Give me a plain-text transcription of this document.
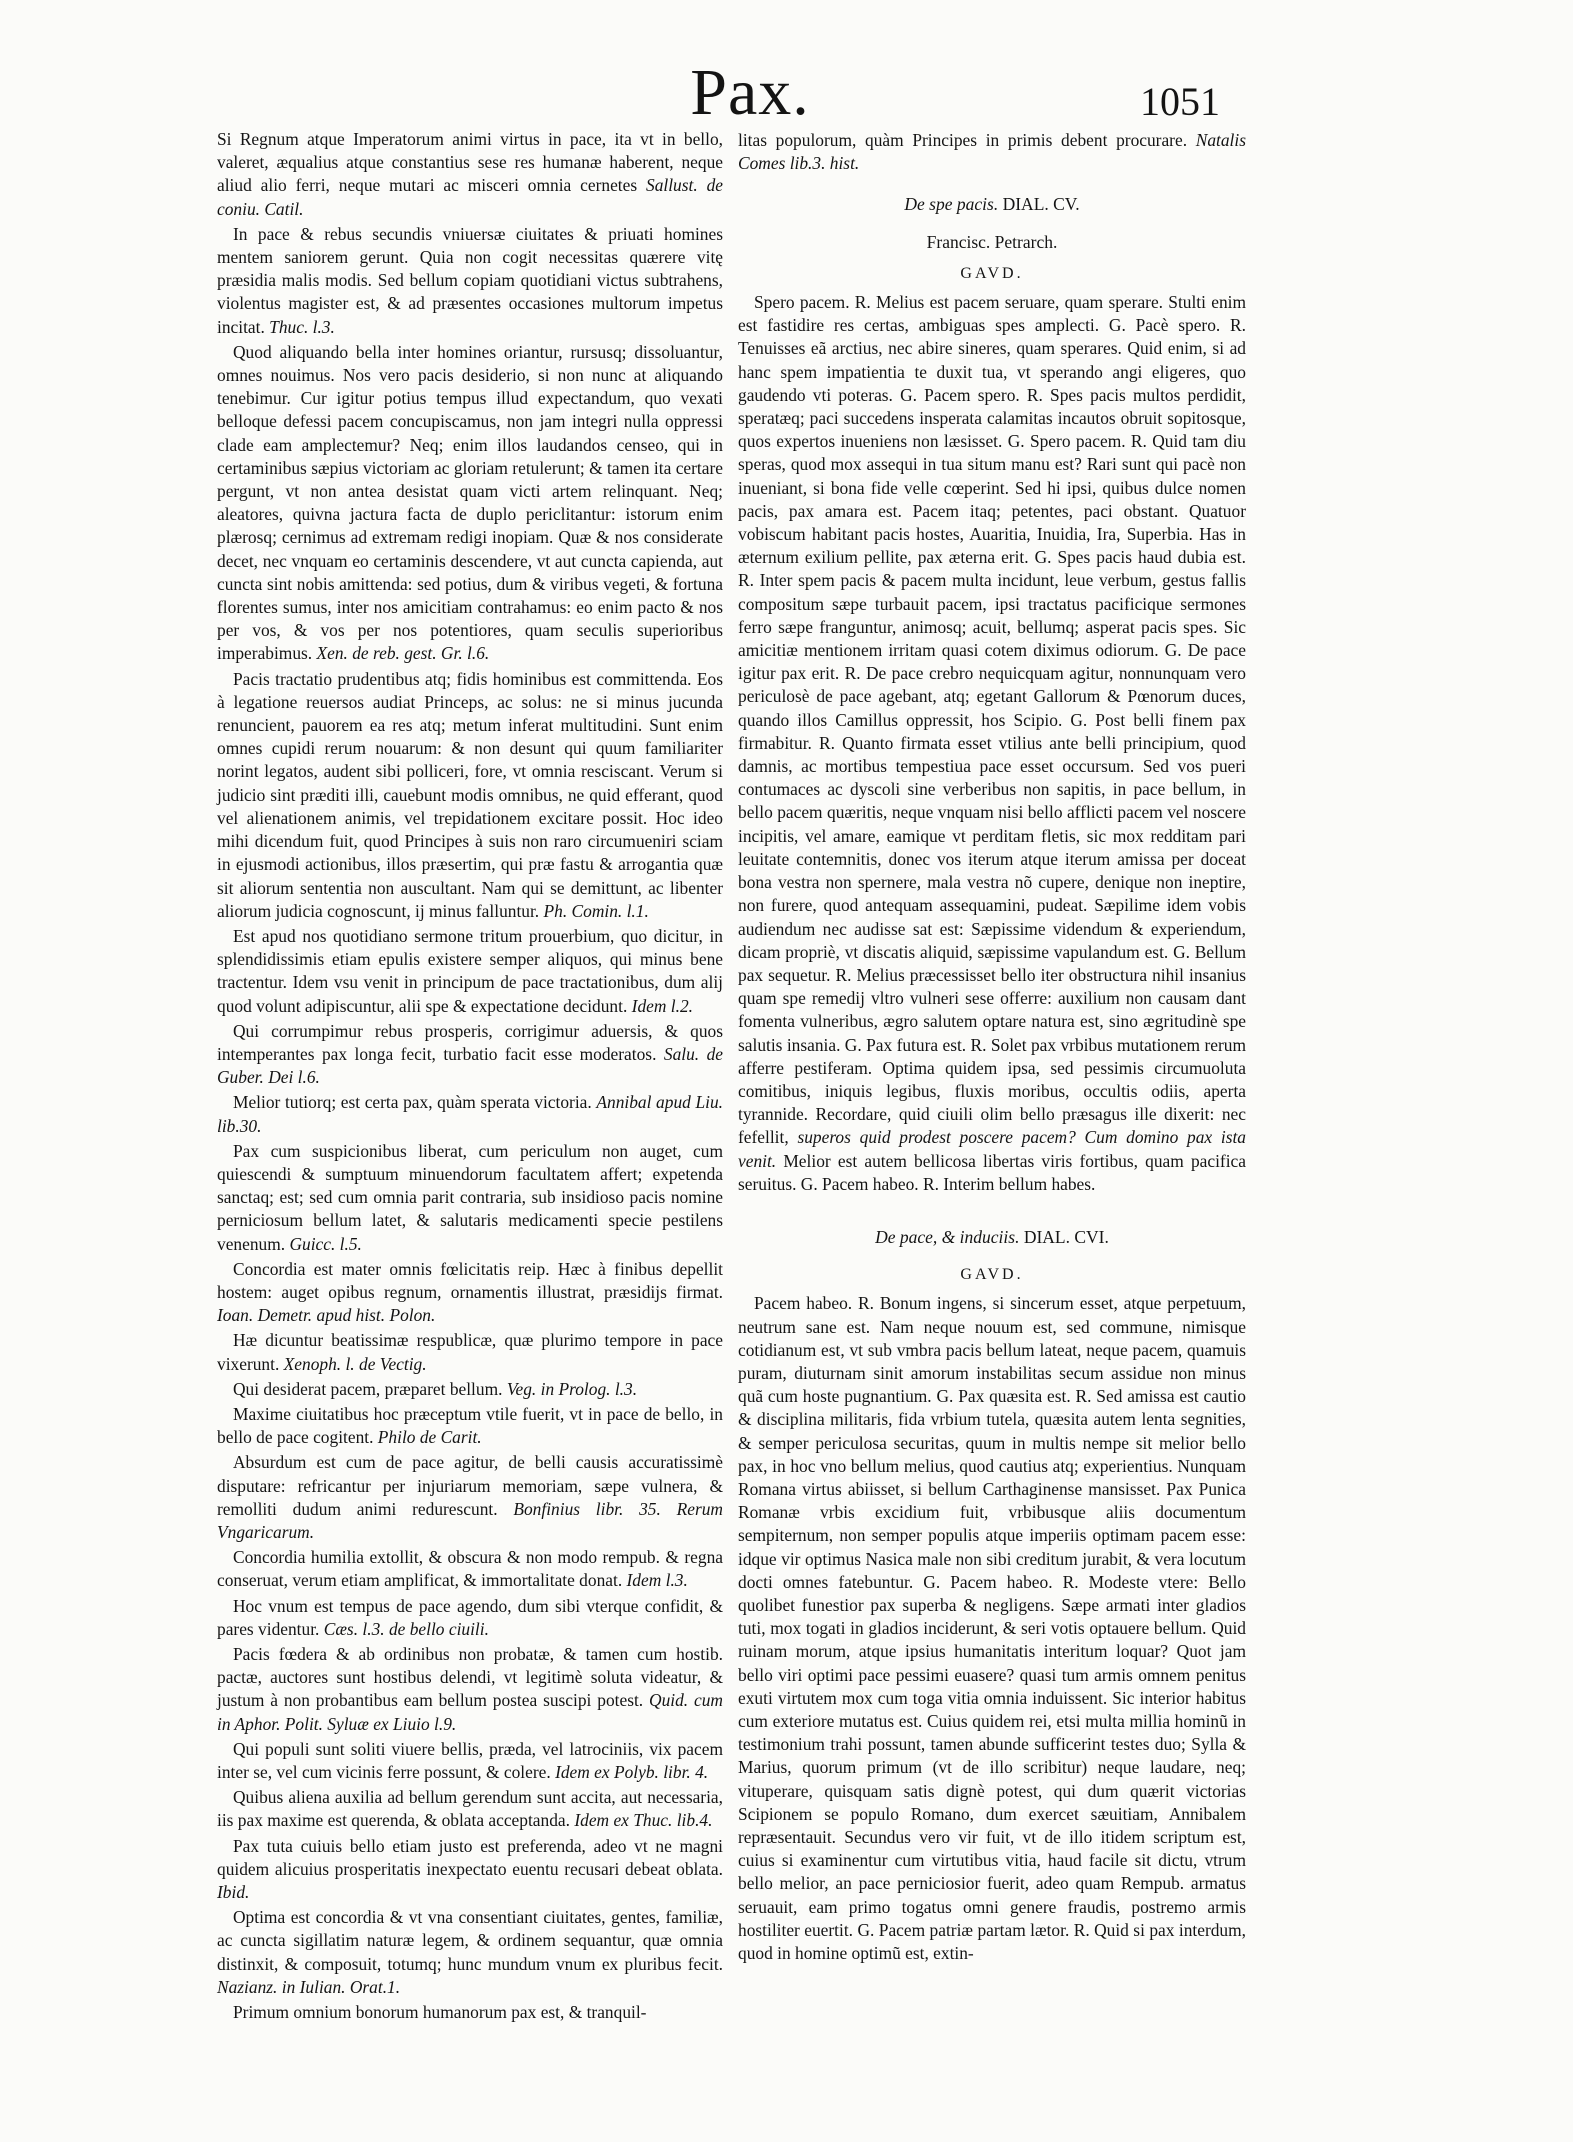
Pax.	1051

Si Regnum atque Imperatorum animi virtus in pace, ita vt in bello, valeret, æqualius atque constantius sese res humanæ haberent, neque aliud alio ferri, neque mutari ac misceri omnia cernetes Sallust. de coniu. Catil.

In pace & rebus secundis vniuersæ ciuitates & priuati homines mentem saniorem gerunt. Quia non cogit necessitas quærere vitę præsidia malis modis. Sed bellum copiam quotidiani victus subtrahens, violentus magister est, & ad præsentes occasiones multorum impetus incitat. Thuc. l.3.

Quod aliquando bella inter homines oriantur, rursusq; dissoluantur, omnes nouimus. Nos vero pacis desiderio, si non nunc at aliquando tenebimur. Cur igitur potius tempus illud expectandum, quo vexati belloque defessi pacem concupiscamus, non jam integri nulla oppressi clade eam amplectemur? Neq; enim illos laudandos censeo, qui in certaminibus sæpius victoriam ac gloriam retulerunt; & tamen ita certare pergunt, vt non antea desistat quam victi artem relinquant. Neq; aleatores, quivna jactura facta de duplo periclitantur: istorum enim plærosq; cernimus ad extremam redigi inopiam. Quæ & nos considerate decet, nec vnquam eo certaminis descendere, vt aut cuncta capienda, aut cuncta sint nobis amittenda: sed potius, dum & viribus vegeti, & fortuna florentes sumus, inter nos amicitiam contrahamus: eo enim pacto & nos per vos, & vos per nos potentiores, quam seculis superioribus imperabimus. Xen. de reb. gest. Gr. l.6.

Pacis tractatio prudentibus atq; fidis hominibus est committenda. Eos à legatione reuersos audiat Princeps, ac solus: ne si minus jucunda renuncient, pauorem ea res atq; metum inferat multitudini. Sunt enim omnes cupidi rerum nouarum: & non desunt qui quum familiariter norint legatos, audent sibi polliceri, fore, vt omnia resciscant. Verum si judicio sint præditi illi, cauebunt modis omnibus, ne quid efferant, quod vel alienationem animis, vel trepidationem excitare possit. Hoc ideo mihi dicendum fuit, quod Principes à suis non raro circumueniri sciam in ejusmodi actionibus, illos præsertim, qui præ fastu & arrogantia quæ sit aliorum sententia non auscultant. Nam qui se demittunt, ac libenter aliorum judicia cognoscunt, ij minus falluntur. Ph. Comin. l.1.

Est apud nos quotidiano sermone tritum prouerbium, quo dicitur, in splendidissimis etiam epulis existere semper aliquos, qui minus bene tractentur. Idem vsu venit in principum de pace tractationibus, dum alij quod volunt adipiscuntur, alii spe & expectatione decidunt. Idem l.2.

Qui corrumpimur rebus prosperis, corrigimur aduersis, & quos intemperantes pax longa fecit, turbatio facit esse moderatos. Salu. de Guber. Dei l.6.

Melior tutiorq; est certa pax, quàm sperata victoria. Annibal apud Liu. lib.30.

Pax cum suspicionibus liberat, cum periculum non auget, cum quiescendi & sumptuum minuendorum facultatem affert; expetenda sanctaq; est; sed cum omnia parit contraria, sub insidioso pacis nomine perniciosum bellum latet, & salutaris medicamenti specie pestilens venenum. Guicc. l.5.

Concordia est mater omnis fœlicitatis reip. Hæc à finibus depellit hostem: auget opibus regnum, ornamentis illustrat, præsidijs firmat. Ioan. Demetr. apud hist. Polon.

Hæ dicuntur beatissimæ respublicæ, quæ plurimo tempore in pace vixerunt. Xenoph. l. de Vectig.

Qui desiderat pacem, præparet bellum. Veg. in Prolog. l.3.

Maxime ciuitatibus hoc præceptum vtile fuerit, vt in pace de bello, in bello de pace cogitent. Philo de Carit.

Absurdum est cum de pace agitur, de belli causis accuratissimè disputare: refricantur per injuriarum memoriam, sæpe vulnera, & remolliti dudum animi redurescunt. Bonfinius libr. 35. Rerum Vngaricarum.

Concordia humilia extollit, & obscura & non modo rempub. & regna conseruat, verum etiam amplificat, & immortalitate donat. Idem l.3.

Hoc vnum est tempus de pace agendo, dum sibi vterque confidit, & pares videntur. Cæs. l.3. de bello ciuili.

Pacis fœdera & ab ordinibus non probatæ, & tamen cum hostib. pactæ, auctores sunt hostibus delendi, vt legitimè soluta videatur, & justum à non probantibus eam bellum postea suscipi potest. Quid. cum in Aphor. Polit. Syluæ ex Liuio l.9.

Qui populi sunt soliti viuere bellis, præda, vel latrociniis, vix pacem inter se, vel cum vicinis ferre possunt, & colere. Idem ex Polyb. libr. 4.

Quibus aliena auxilia ad bellum gerendum sunt accita, aut necessaria, iis pax maxime est querenda, & oblata acceptanda. Idem ex Thuc. lib.4.

Pax tuta cuiuis bello etiam justo est preferenda, adeo vt ne magni quidem alicuius prosperitatis inexpectato euentu recusari debeat oblata. Ibid.

Optima est concordia & vt vna consentiant ciuitates, gentes, familiæ, ac cuncta sigillatim naturæ legem, & ordinem sequantur, quæ omnia distinxit, & composuit, totumq; hunc mundum vnum ex pluribus fecit. Nazianz. in Iulian. Orat.1.

Primum omnium bonorum humanorum pax est, & tranquil-

litas populorum, quàm Principes in primis debent procurare. Natalis Comes lib.3. hist.

De spe pacis. DIAL. CV.
Francisc. Petrarch.
GAVD.

Spero pacem. R. Melius est pacem seruare, quam sperare. Stulti enim est fastidire res certas, ambiguas spes amplecti. G. Pacè spero. R. Tenuisses eã arctius, nec abire sineres, quam sperares. Quid enim, si ad hanc spem impatientia te duxit tua, vt sperando angi eligeres, quo gaudendo vti poteras. G. Pacem spero. R. Spes pacis multos perdidit, speratæq; paci succedens insperata calamitas incautos obruit sopitosque, quos expertos inueniens non læsisset. G. Spero pacem. R. Quid tam diu speras, quod mox assequi in tua situm manu est? Rari sunt qui pacè non inueniant, si bona fide velle cœperint. Sed hi ipsi, quibus dulce nomen pacis, pax amara est. Pacem itaq; petentes, paci obstant. Quatuor vobiscum habitant pacis hostes, Auaritia, Inuidia, Ira, Superbia. Has in æternum exilium pellite, pax æterna erit. G. Spes pacis haud dubia est. R. Inter spem pacis & pacem multa incidunt, leue verbum, gestus fallis compositum sæpe turbauit pacem, ipsi tractatus pacificique sermones ferro sæpe franguntur, animosq; acuit, bellumq; asperat pacis spes. Sic amicitiæ mentionem irritam quasi cotem diximus odiorum. G. De pace igitur pax erit. R. De pace crebro nequicquam agitur, nonnunquam vero periculosè de pace agebant, atq; egetant Gallorum & Pœnorum duces, quando illos Camillus oppressit, hos Scipio. G. Post belli finem pax firmabitur. R. Quanto firmata esset vtilius ante belli principium, quod damnis, ac mortibus tempestiua pace esset occursum. Sed vos pueri contumaces ac dyscoli sine verberibus non sapitis, in pace bellum, in bello pacem quæritis, neque vnquam nisi bello afflicti pacem vel noscere incipitis, vel amare, eamique vt perditam fletis, sic mox redditam pari leuitate contemnitis, donec vos iterum atque iterum amissa per doceat bona vestra non spernere, mala vestra nõ cupere, denique non ineptire, non furere, quod antequam assequamini, pudeat. Sæpilime idem vobis audiendum nec audisse sat est: Sæpissime videndum & experiendum, dicam propriè, vt discatis aliquid, sæpissime vapulandum est. G. Bellum pax sequetur. R. Melius præcessisset bello iter obstructura nihil insanius quam spe remedij vltro vulneri sese offerre: auxilium non causam dant fomenta vulneribus, ægro salutem optare natura est, sino ægritudinè spe salutis insania. G. Pax futura est. R. Solet pax vrbibus mutationem rerum afferre pestiferam. Optima quidem ipsa, sed pessimis circumuoluta comitibus, iniquis legibus, fluxis moribus, occultis odiis, aperta tyrannide. Recordare, quid ciuili olim bello præsagus ille dixerit: nec fefellit, superos quid prodest poscere pacem? Cum domino pax ista venit. Melior est autem bellicosa libertas viris fortibus, quam pacifica seruitus. G. Pacem habeo. R. Interim bellum habes.

De pace, & induciis. DIAL. CVI.
GAVD.

Pacem habeo. R. Bonum ingens, si sincerum esset, atque perpetuum, neutrum sane est. Nam neque nouum est, sed commune, nimisque cotidianum est, vt sub vmbra pacis bellum lateat, neque pacem, quamuis puram, diuturnam sinit amorum instabilitas secum assidue non minus quã cum hoste pugnantium. G. Pax quæsita est. R. Sed amissa est cautio & disciplina militaris, fida vrbium tutela, quæsita autem lenta segnities, & semper periculosa securitas, quum in multis nempe sit melior bello pax, in hoc vno bellum melius, quod cautius atq; experientius. Nunquam Romana virtus abiisset, si bellum Carthaginense mansisset. Pax Punica Romanæ vrbis excidium fuit, vrbibusque aliis documentum sempiternum, non semper populis atque imperiis optimam pacem esse: idque vir optimus Nasica male non sibi creditum jurabit, & vera locutum docti omnes fatebuntur. G. Pacem habeo. R. Modeste vtere: Bello quolibet funestior pax superba & negligens. Sæpe armati inter gladios tuti, mox togati in gladios inciderunt, & seri votis optauere bellum. Quid ruinam morum, atque ipsius humanitatis interitum loquar? Quot jam bello viri optimi pace pessimi euasere? quasi tum armis omnem penitus exuti virtutem mox cum toga vitia omnia induissent. Sic interior habitus cum exteriore mutatus est. Cuius quidem rei, etsi multa millia hominũ in testimonium trahi possunt, tamen abunde sufficerint testes duo; Sylla & Marius, quorum primum (vt de illo scribitur) neque laudare, neq; vituperare, quisquam satis dignè potest, qui dum quærit victorias Scipionem se populo Romano, dum exercet sæuitiam, Annibalem repræsentauit. Secundus vero vir fuit, vt de illo itidem scriptum est, cuius si examinentur cum virtutibus vitia, haud facile sit dictu, vtrum bello melior, an pace perniciosior fuerit, adeo quam Rempub. armatus seruauit, eam primo togatus omni genere fraudis, postremo armis hostiliter euertit. G. Pacem patriæ partam lætor. R. Quid si pax interdum, quod in homine optimũ est, extin-
